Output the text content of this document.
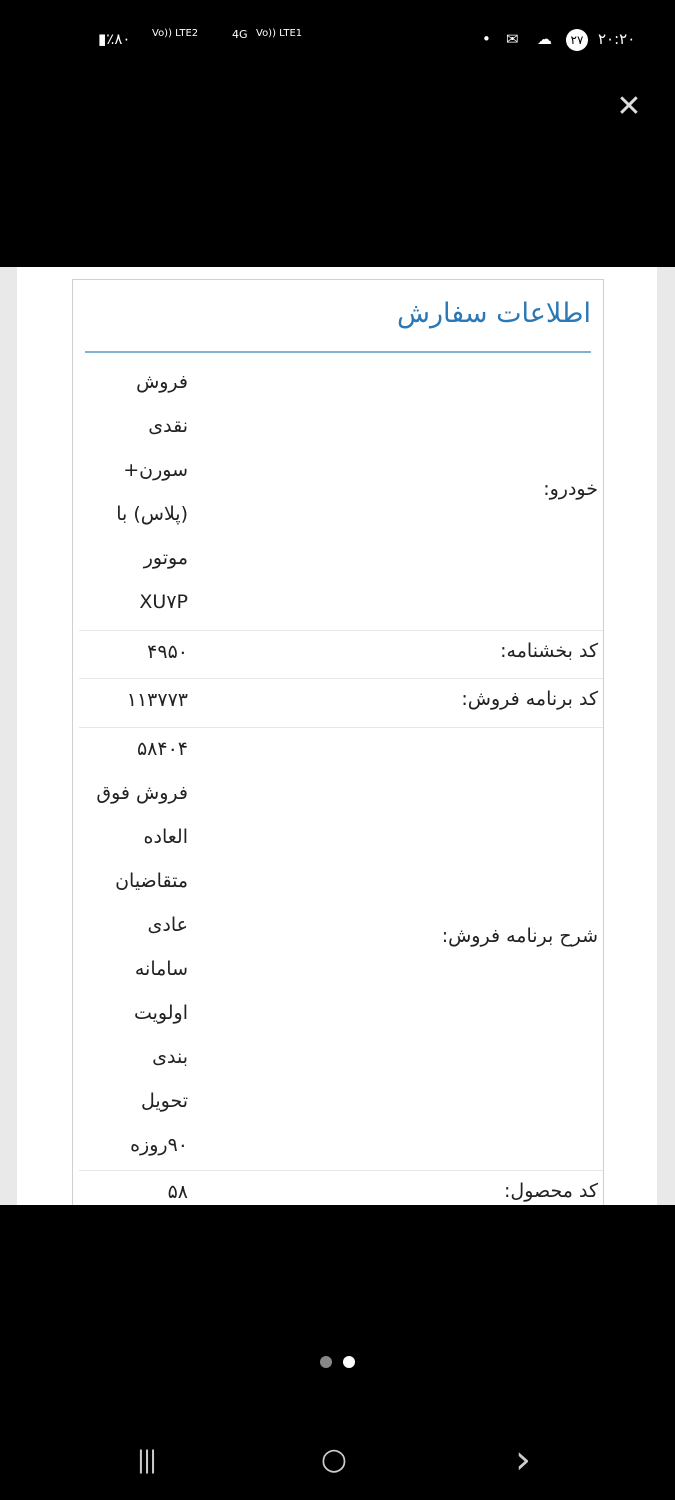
▮٪۸۰ Vo)) LTE2	4G Vo)) LTE1	• ✉ ☁	۲۷ ۲۰:۲۰
✕
اطلاعات سفارش
خودرو:
فروش
نقدی
سورن+
(پلاس) با
موتور
XU۷P
کد بخشنامه:
۴۹۵۰
کد برنامه فروش:
۱۱۳۷۷۳
شرح برنامه فروش:
۵۸۴۰۴
فروش فوق
العاده
متقاضیان
عادی
سامانه
اولویت
بندی
تحویل
۹۰روزه
کد محصول:
۵۸
|||	○	›
